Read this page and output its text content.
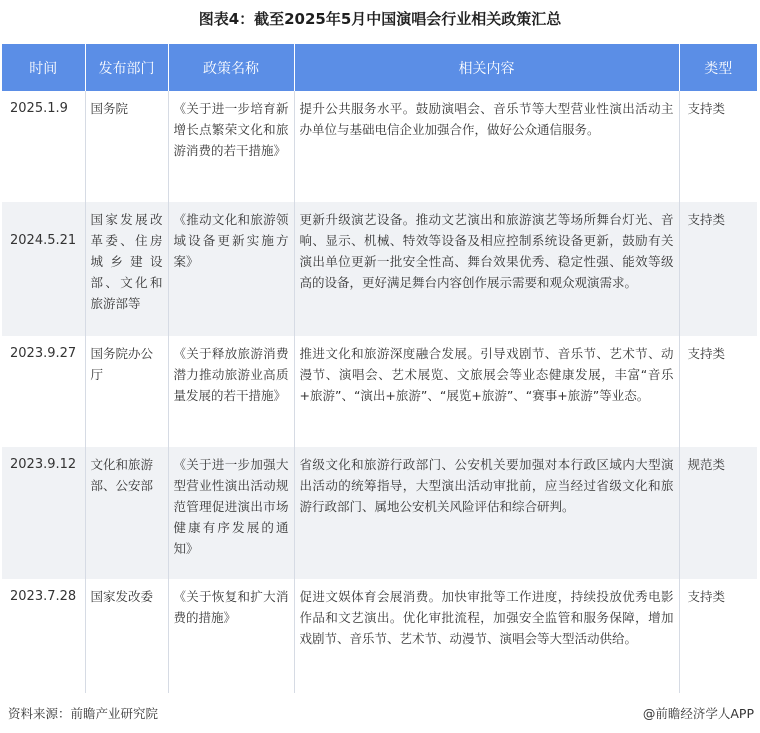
图表4：截至2025年5月中国演唱会行业相关政策汇总
时间	发布部门	政策名称	相关内容	类型
2025.1.9	国务院	《关于进一步培育新增长点繁荣文化和旅游消费的若干措施》	提升公共服务水平。鼓励演唱会、音乐节等大型营业性演出活动主办单位与基础电信企业加强合作，做好公众通信服务。	支持类
2024.5.21	国家发展改革委、住房城乡建设部、文化和旅游部等	《推动文化和旅游领域设备更新实施方案》	更新升级演艺设备。推动文艺演出和旅游演艺等场所舞台灯光、音响、显示、机械、特效等设备及相应控制系统设备更新，鼓励有关演出单位更新一批安全性高、舞台效果优秀、稳定性强、能效等级高的设备，更好满足舞台内容创作展示需要和观众观演需求。	支持类
2023.9.27	国务院办公厅	《关于释放旅游消费潜力推动旅游业高质量发展的若干措施》	推进文化和旅游深度融合发展。引导戏剧节、音乐节、艺术节、动漫节、演唱会、艺术展览、文旅展会等业态健康发展，丰富“音乐+旅游”、“演出+旅游”、“展览+旅游”、“赛事+旅游”等业态。	支持类
2023.9.12	文化和旅游部、公安部	《关于进一步加强大型营业性演出活动规范管理促进演出市场健康有序发展的通知》	省级文化和旅游行政部门、公安机关要加强对本行政区域内大型演出活动的统筹指导，大型演出活动审批前，应当经过省级文化和旅游行政部门、属地公安机关风险评估和综合研判。	规范类
2023.7.28	国家发改委	《关于恢复和扩大消费的措施》	促进文娱体育会展消费。加快审批等工作进度，持续投放优秀电影作品和文艺演出。优化审批流程，加强安全监管和服务保障，增加戏剧节、音乐节、艺术节、动漫节、演唱会等大型活动供给。	支持类
资料来源：前瞻产业研究院	@前瞻经济学人APP
